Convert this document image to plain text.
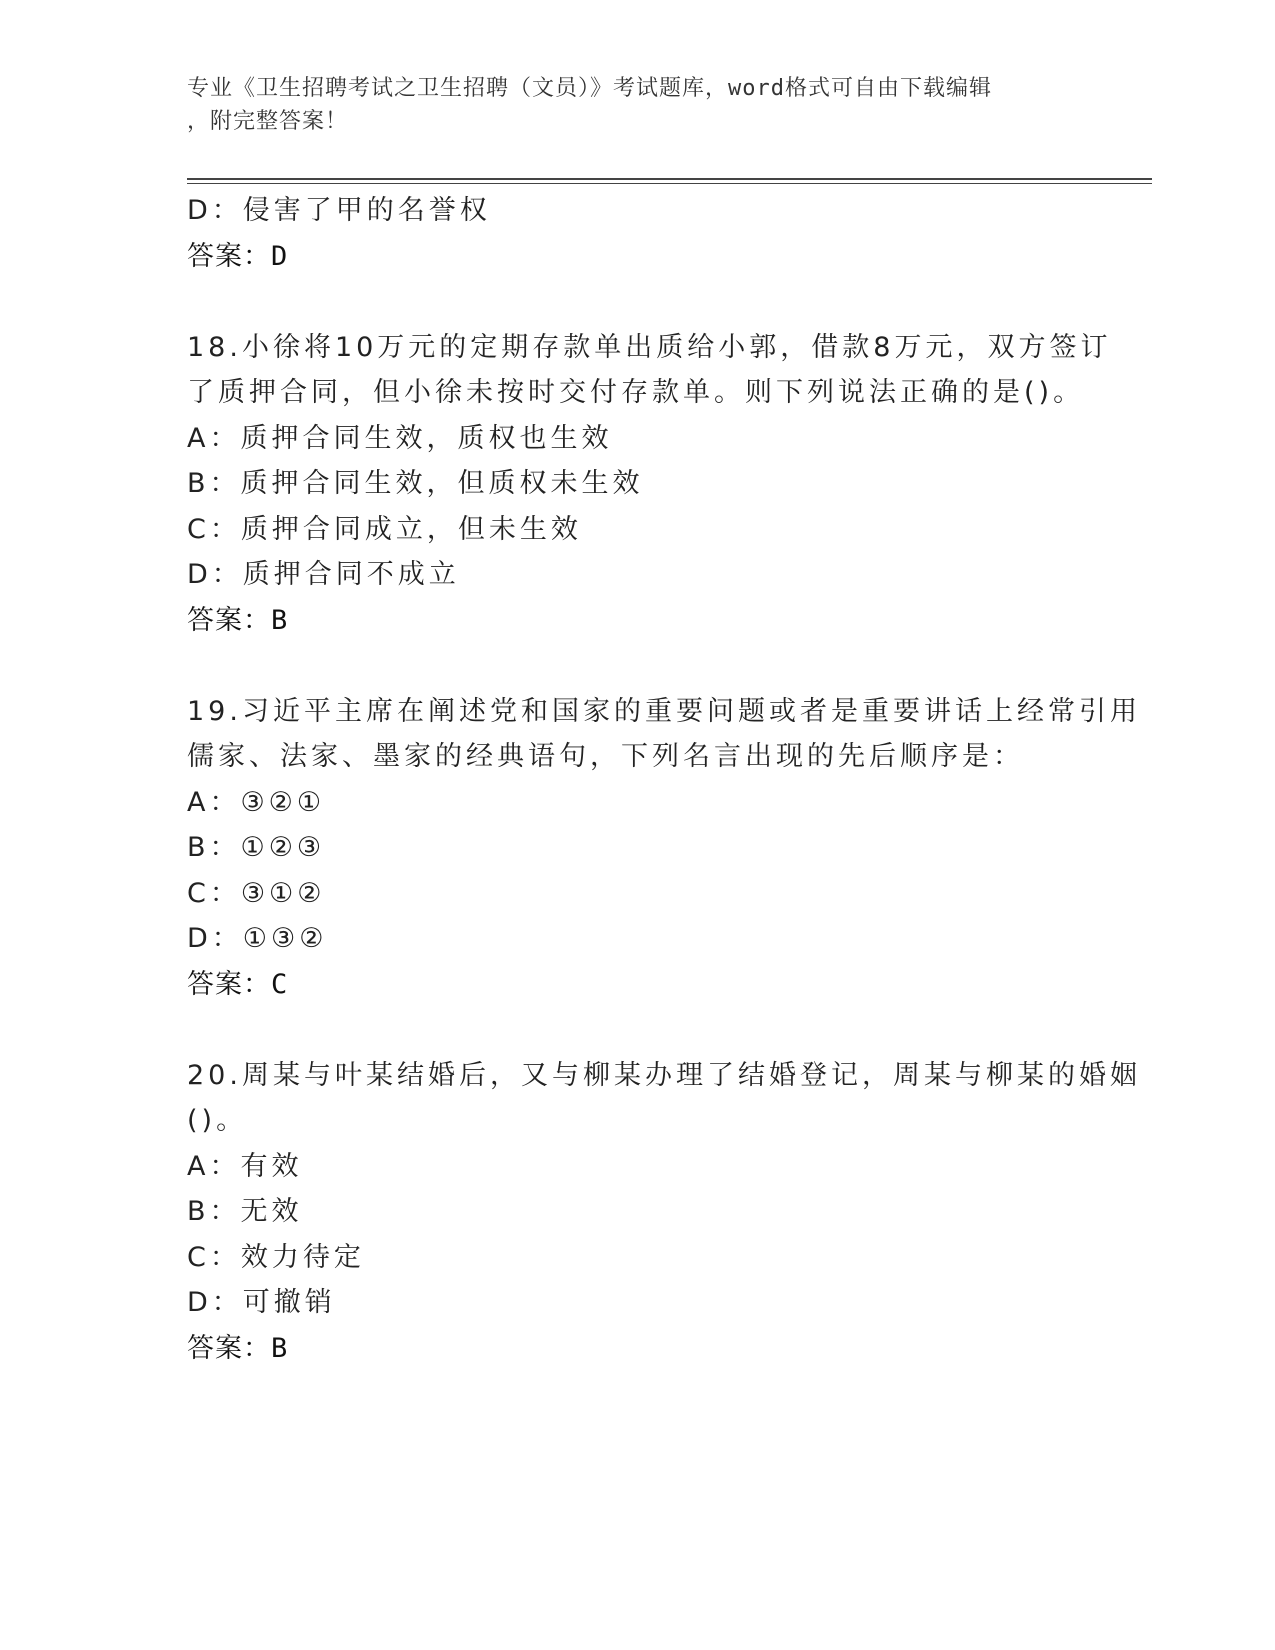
专业《卫生招聘考试之卫生招聘（文员）》考试题库，word格式可自由下载编辑
，附完整答案！
D：侵害了甲的名誉权
答案：D
18.小徐将10万元的定期存款单出质给小郭，借款8万元，双方签订
了质押合同，但小徐未按时交付存款单。则下列说法正确的是()。
A：质押合同生效，质权也生效
B：质押合同生效，但质权未生效
C：质押合同成立，但未生效
D：质押合同不成立
答案：B
19.习近平主席在阐述党和国家的重要问题或者是重要讲话上经常引用
儒家、法家、墨家的经典语句，下列名言出现的先后顺序是：
A：③②①
B：①②③
C：③①②
D：①③②
答案：C
20.周某与叶某结婚后，又与柳某办理了结婚登记，周某与柳某的婚姻
()。
A：有效
B：无效
C：效力待定
D：可撤销
答案：B
